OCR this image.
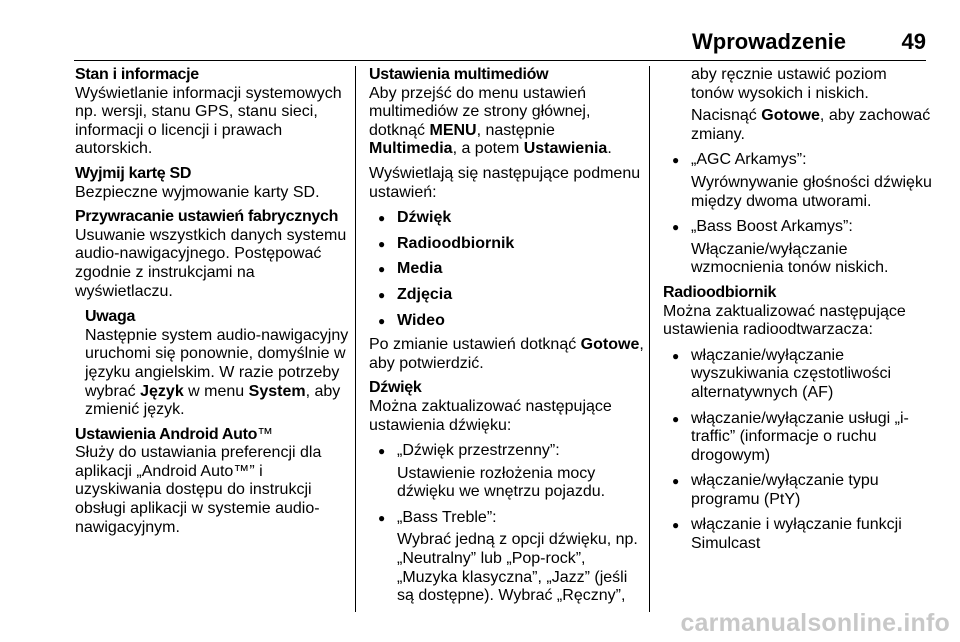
Wprowadzenie	49
Stan i informacje

Wyświetlanie informacji systemowych np. wersji, stanu GPS, stanu sieci, informacji o licencji i prawach autorskich.

Wyjmij kartę SD

Bezpieczne wyjmowanie karty SD.

Przywracanie ustawień fabrycznych

Usuwanie wszystkich danych systemu audio-nawigacyjnego. Postępować zgodnie z instrukcjami na wyświetlaczu.

Uwaga

Następnie system audio-nawigacyjny uruchomi się ponownie, domyślnie w języku angielskim. W razie potrzeby wybrać Język w menu System, aby zmienić język.

Ustawienia Android Auto™

Służy do ustawiania preferencji dla aplikacji „Android Auto™” i uzyskiwania dostępu do instrukcji obsługi aplikacji w systemie audio-nawigacyjnym.

Ustawienia multimediów

Aby przejść do menu ustawień multimediów ze strony głównej, dotknąć MENU, następnie Multimedia, a potem Ustawienia.

Wyświetlają się następujące podmenu ustawień:

● Dźwięk
● Radioodbiornik
● Media
● Zdjęcia
● Wideo

Po zmianie ustawień dotknąć Gotowe, aby potwierdzić.

Dźwięk

Można zaktualizować następujące ustawienia dźwięku:

● „Dźwięk przestrzenny”:
Ustawienie rozłożenia mocy dźwięku we wnętrzu pojazdu.
● „Bass Treble”:
Wybrać jedną z opcji dźwięku, np. „Neutralny” lub „Pop-rock”, „Muzyka klasyczna”, „Jazz” (jeśli są dostępne). Wybrać „Ręczny”,

aby ręcznie ustawić poziom tonów wysokich i niskich.

Nacisnąć Gotowe, aby zachować zmiany.

● „AGC Arkamys”:
Wyrównywanie głośności dźwięku między dwoma utworami.
● „Bass Boost Arkamys”:
Włączanie/wyłączanie wzmocnienia tonów niskich.
Radioodbiornik

Można zaktualizować następujące ustawienia radioodtwarzacza:

● włączanie/wyłączanie wyszukiwania częstotliwości alternatywnych (AF)
● włączanie/wyłączanie usługi „i-traffic” (informacje o ruchu drogowym)
● włączanie/wyłączanie typu programu (PtY)
● włączanie i wyłączanie funkcji Simulcast
carmanualsonline.info
